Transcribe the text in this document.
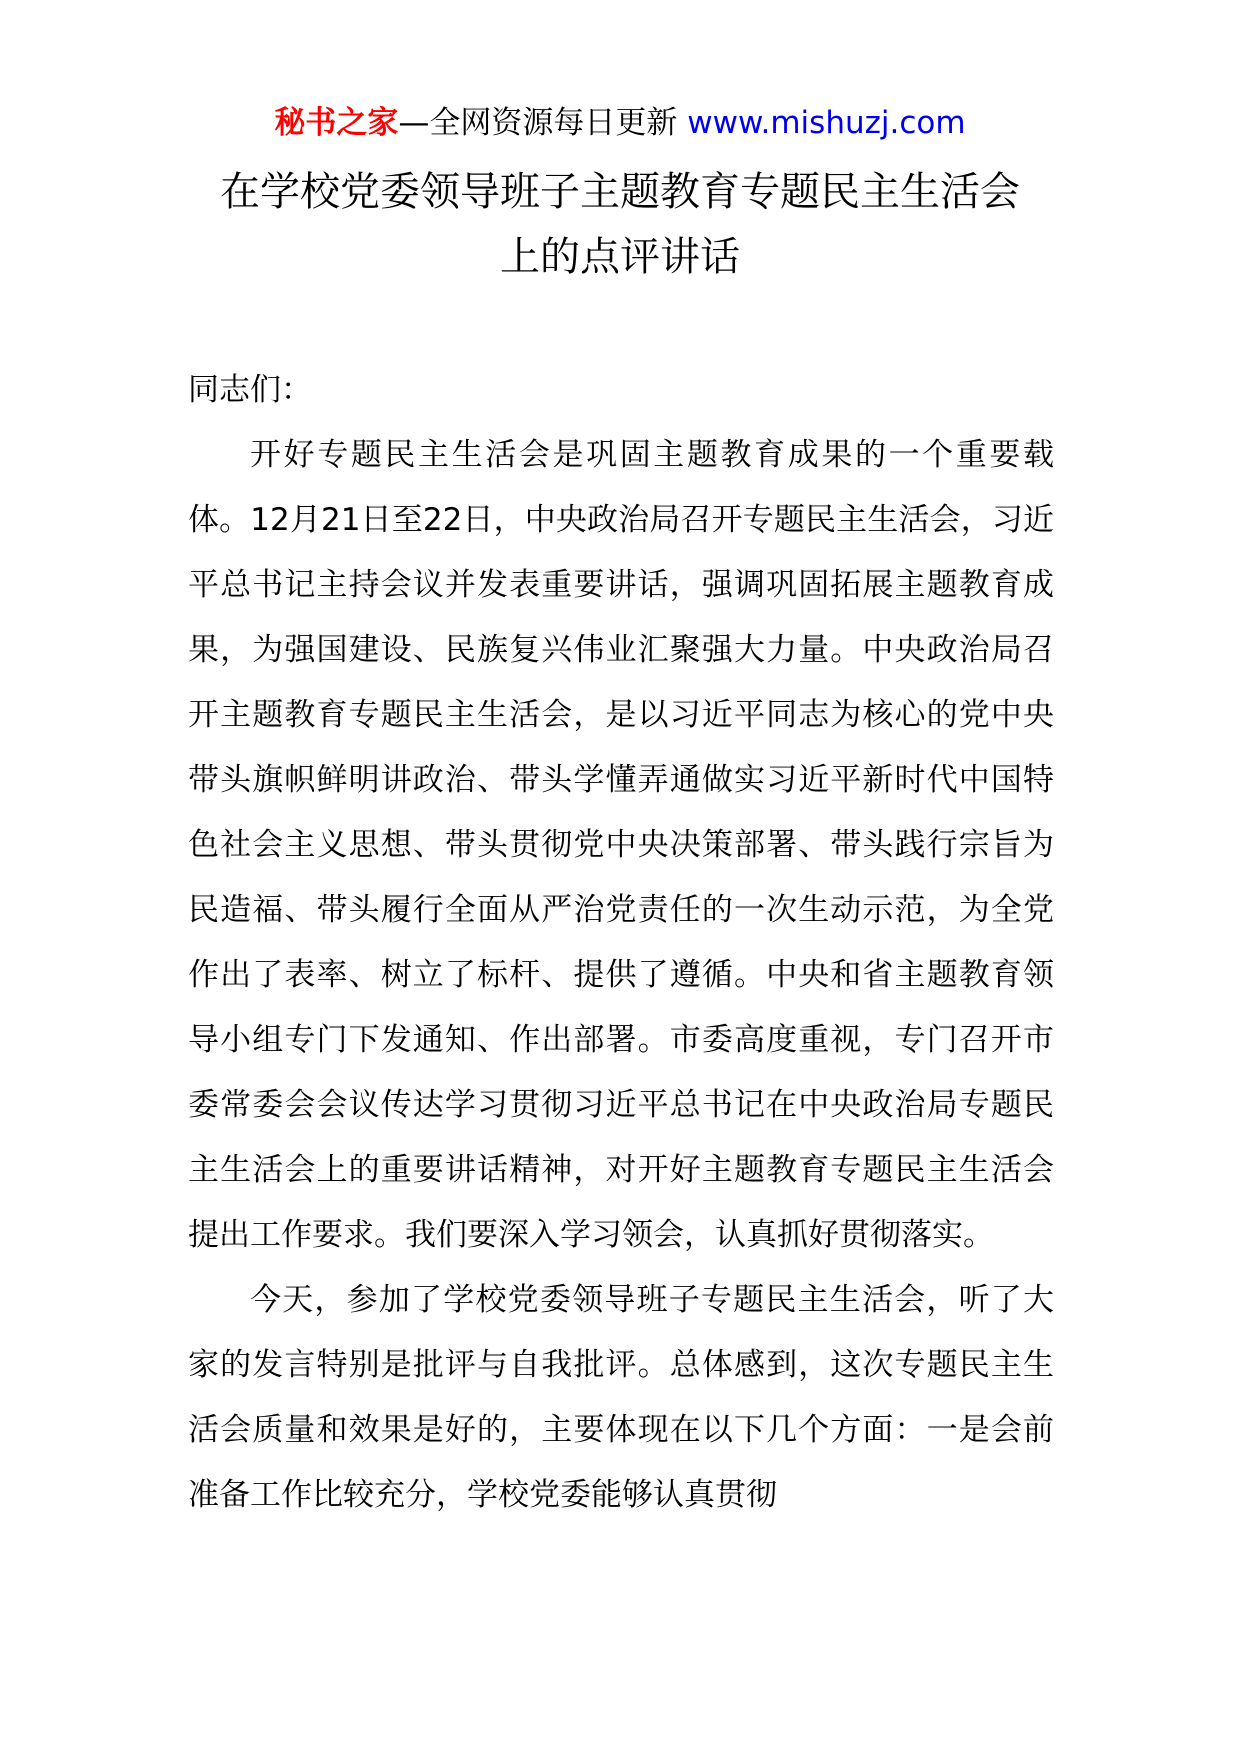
秘书之家—全网资源每日更新 www.mishuzj.com
在学校党委领导班子主题教育专题民主生活会
上的点评讲话

同志们：

开好专题民主生活会是巩固主题教育成果的一个重要载体。12月21日至22日，中央政治局召开专题民主生活会，习近平总书记主持会议并发表重要讲话，强调巩固拓展主题教育成果，为强国建设、民族复兴伟业汇聚强大力量。中央政治局召开主题教育专题民主生活会，是以习近平同志为核心的党中央带头旗帜鲜明讲政治、带头学懂弄通做实习近平新时代中国特色社会主义思想、带头贯彻党中央决策部署、带头践行宗旨为民造福、带头履行全面从严治党责任的一次生动示范，为全党作出了表率、树立了标杆、提供了遵循。中央和省主题教育领导小组专门下发通知、作出部署。市委高度重视，专门召开市委常委会会议传达学习贯彻习近平总书记在中央政治局专题民主生活会上的重要讲话精神，对开好主题教育专题民主生活会提出工作要求。我们要深入学习领会，认真抓好贯彻落实。

今天，参加了学校党委领导班子专题民主生活会，听了大家的发言特别是批评与自我批评。总体感到，这次专题民主生活会质量和效果是好的，主要体现在以下几个方面：一是会前准备工作比较充分，学校党委能够认真贯彻
